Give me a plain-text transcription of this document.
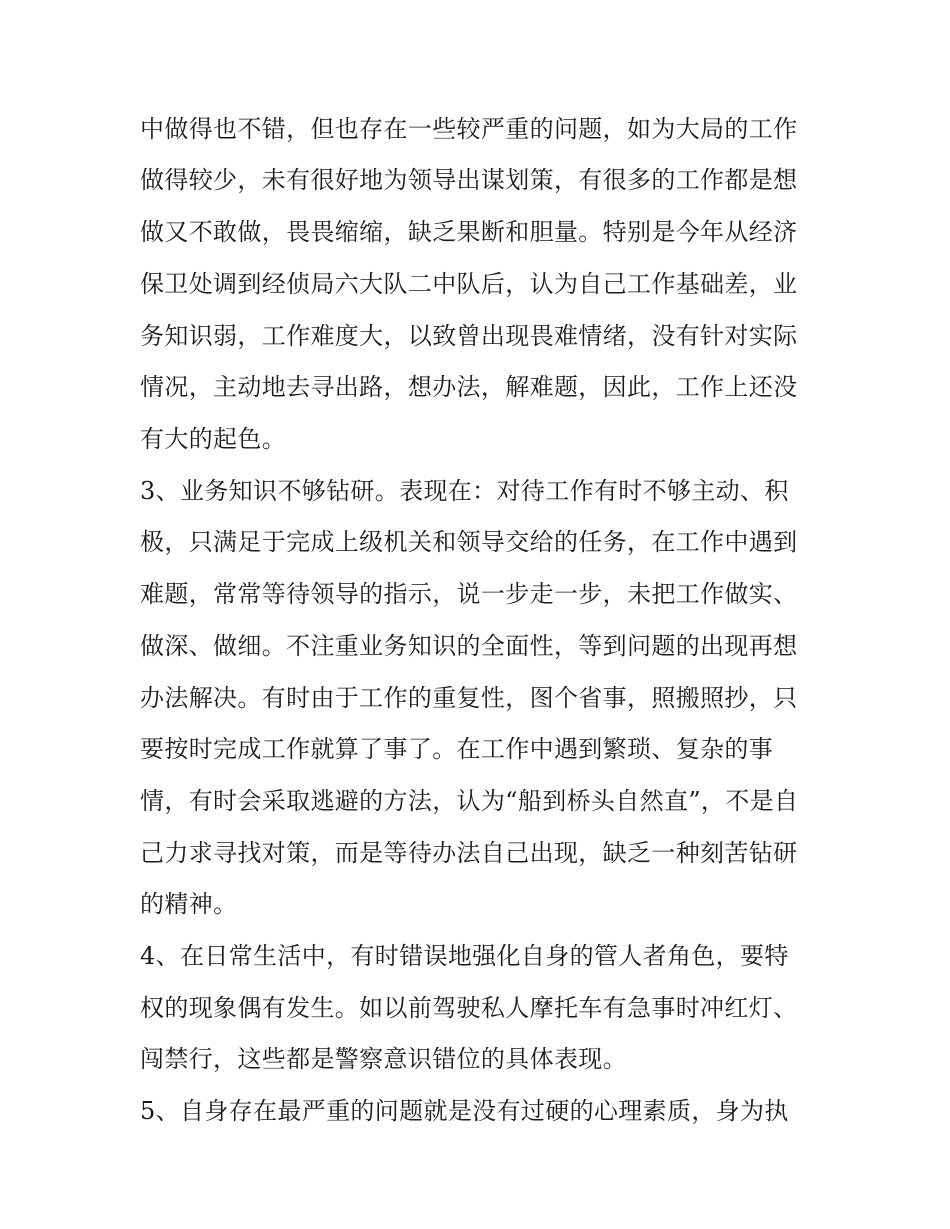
中做得也不错，但也存在一些较严重的问题，如为大局的工作
做得较少，未有很好地为领导出谋划策，有很多的工作都是想
做又不敢做，畏畏缩缩，缺乏果断和胆量。特别是今年从经济
保卫处调到经侦局六大队二中队后，认为自己工作基础差，业
务知识弱，工作难度大，以致曾出现畏难情绪，没有针对实际
情况，主动地去寻出路，想办法，解难题，因此，工作上还没
有大的起色。
3、业务知识不够钻研。表现在：对待工作有时不够主动、积
极，只满足于完成上级机关和领导交给的任务，在工作中遇到
难题，常常等待领导的指示，说一步走一步，未把工作做实、
做深、做细。不注重业务知识的全面性，等到问题的出现再想
办法解决。有时由于工作的重复性，图个省事，照搬照抄，只
要按时完成工作就算了事了。在工作中遇到繁琐、复杂的事
情，有时会采取逃避的方法，认为“船到桥头自然直”，不是自
己力求寻找对策，而是等待办法自己出现，缺乏一种刻苦钻研
的精神。
4、在日常生活中，有时错误地强化自身的管人者角色，要特
权的现象偶有发生。如以前驾驶私人摩托车有急事时冲红灯、
闯禁行，这些都是警察意识错位的具体表现。
5、自身存在最严重的问题就是没有过硬的心理素质，身为执
